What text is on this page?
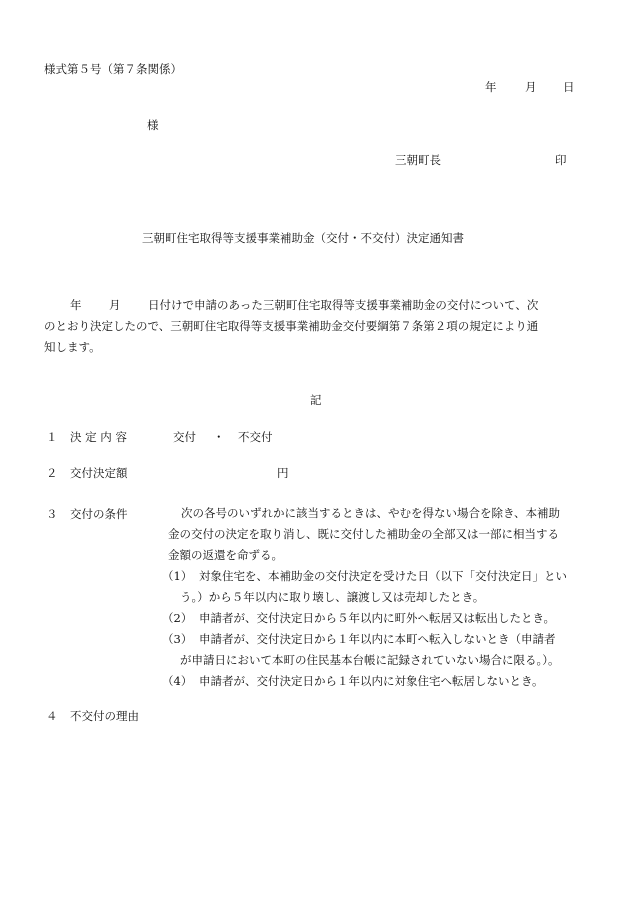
様式第５号（第７条関係）
年 月 日
様
三朝町長	印
三朝町住宅取得等支援事業補助金（交付・不交付）決定通知書
年 月 日付けで申請のあった三朝町住宅取得等支援事業補助金の交付について、次
のとおり決定したので、三朝町住宅取得等支援事業補助金交付要綱第７条第２項の規定により通
知します。
記
１ 決 定 内 容	交付 ・ 不交付
２ 交付決定額	円
３ 交付の条件	次の各号のいずれかに該当するときは、やむを得ない場合を除き、本補助
金の交付の決定を取り消し、既に交付した補助金の全部又は一部に相当する
金額の返還を命ずる。
（1） 対象住宅を、本補助金の交付決定を受けた日（以下「交付決定日」とい
う。）から５年以内に取り壊し、譲渡し又は売却したとき。
（2） 申請者が、交付決定日から５年以内に町外へ転居又は転出したとき。
（3） 申請者が、交付決定日から１年以内に本町へ転入しないとき（申請者
が申請日において本町の住民基本台帳に記録されていない場合に限る。）。
（4） 申請者が、交付決定日から１年以内に対象住宅へ転居しないとき。
４ 不交付の理由
